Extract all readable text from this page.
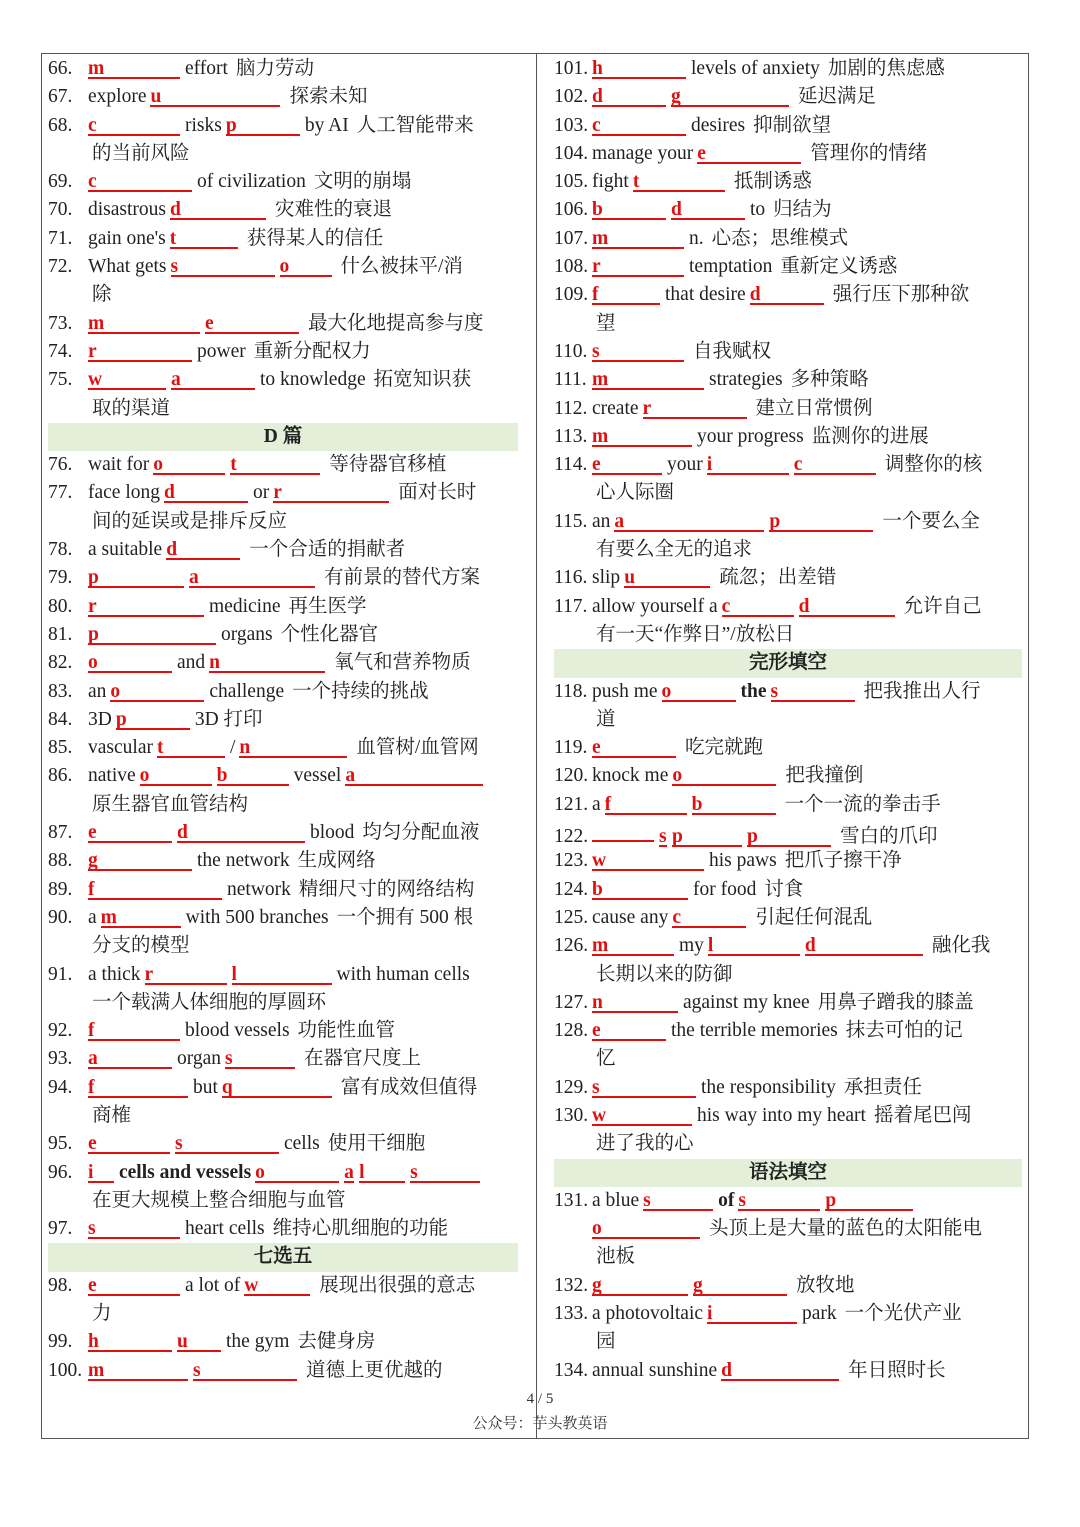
66. m	effort 脑力劳动
67. explore u	探索未知
68. c	risks p	by AI 人工智能带来
的当前风险
69. c	of civilization 文明的崩塌
70. disastrous d	灾难性的衰退
71. gain one's t	获得某人的信任
72. What gets s	o	什么被抹平/消
除
73. m	e	最大化地提高参与度
74. r	power 重新分配权力
75. w	a	to knowledge 拓宽知识获
取的渠道
D 篇
76. wait for o	t	等待器官移植
77. face long d	or r	面对长时
间的延误或是排斥反应
78. a suitable d	一个合适的捐献者
79. p	a	有前景的替代方案
80. r	medicine 再生医学
81. p	organs 个性化器官
82. o	and n	氧气和营养物质
83. an o	challenge 一个持续的挑战
84. 3D p	3D 打印
85. vascular t	/ n	血管树/血管网
86. native o	b	vessel a
原生器官血管结构
87. e	d	blood 均匀分配血液
88. g	the network 生成网络
89. f	network 精细尺寸的网络结构
90. a m	with 500 branches 一个拥有 500 根
分支的模型
91. a thick r	l	with human cells
一个载满人体细胞的厚圆环
92. f	blood vessels 功能性血管
93. a	organ s	在器官尺度上
94. f	but q	富有成效但值得
商榷
95. e	s	cells 使用干细胞
96. i cells and vessels o	a l s
在更大规模上整合细胞与血管
97. s	heart cells 维持心肌细胞的功能
七选五
98. e	a lot of w	展现出很强的意志
力
99. h	u the gym 去健身房
100. m	s	道德上更优越的
101. h	levels of anxiety 加剧的焦虑感
102. d	g	延迟满足
103. c	desires 抑制欲望
104. manage your e	管理你的情绪
105. fight t	抵制诱惑
106. b	d	to 归结为
107. m	n. 心态；思维模式
108. r	temptation 重新定义诱惑
109. f	that desire d	强行压下那种欲
望
110. s	自我赋权
111. m	strategies 多种策略
112. create r	建立日常惯例
113. m	your progress 监测你的进展
114. e	your i	c	调整你的核
心人际圈
115. an a	p	一个要么全
有要么全无的追求
116. slip u	疏忽；出差错
117. allow yourself a c	d	允许自己
有一天“作弊日”/放松日
完形填空
118. push me o	the s	把我推出人行
道
119. e	吃完就跑
120. knock me o	把我撞倒
121. a f	b	一个一流的拳击手
122.	s p	p	雪白的爪印
123. w	his paws 把爪子擦干净
124. b	for food 讨食
125. cause any c	引起任何混乱
126. m	my l	d	融化我
长期以来的防御
127. n	against my knee 用鼻子蹭我的膝盖
128. e	the terrible memories 抹去可怕的记
忆
129. s	the responsibility 承担责任
130. w	his way into my heart 摇着尾巴闯
进了我的心
语法填空
131. a blue s	of s	p
o	头顶上是大量的蓝色的太阳能电
池板
132. g	g	放牧地
133. a photovoltaic i	park 一个光伏产业
园
134. annual sunshine d	年日照时长
4 / 5
公众号：芋头教英语
